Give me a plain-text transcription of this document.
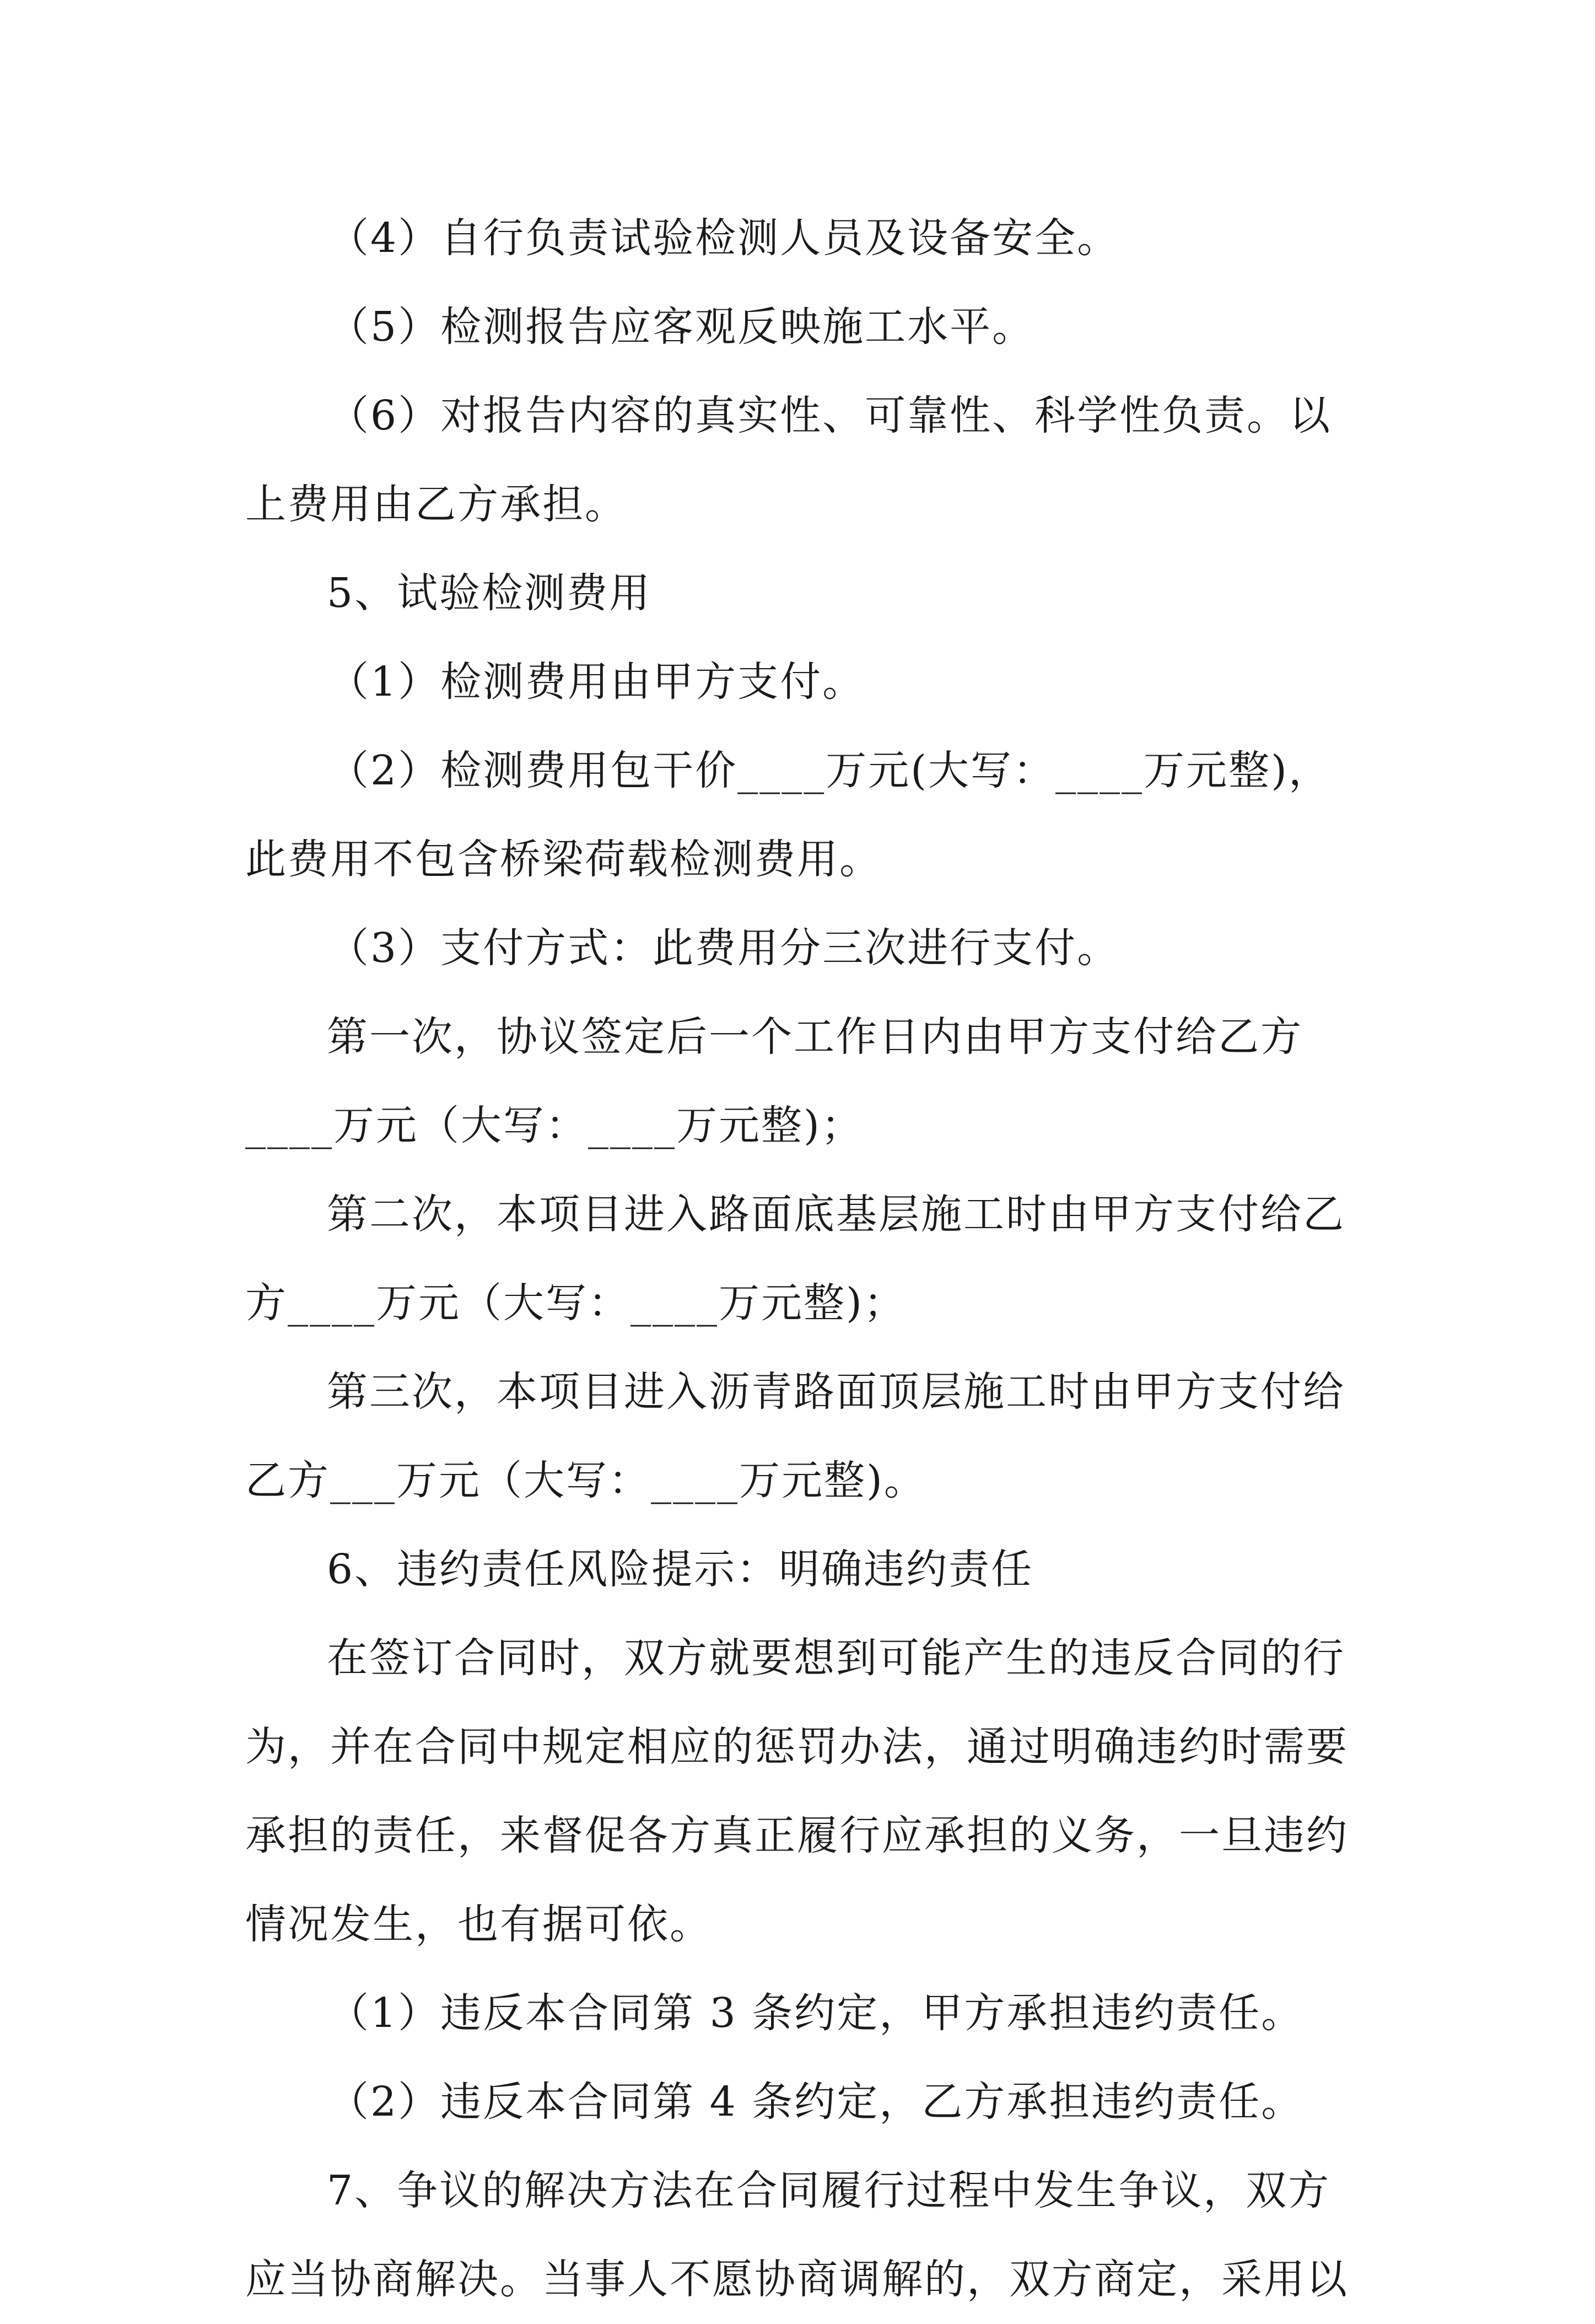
（4）自行负责试验检测人员及设备安全。

（5）检测报告应客观反映施工水平。

（6）对报告内容的真实性、可靠性、科学性负责。以

上费用由乙方承担。

5、试验检测费用

（1）检测费用由甲方支付。

（2）检测费用包干价____万元(大写：____万元整)，

此费用不包含桥梁荷载检测费用。

（3）支付方式：此费用分三次进行支付。

第一次，协议签定后一个工作日内由甲方支付给乙方

____万元（大写：____万元整)；

第二次，本项目进入路面底基层施工时由甲方支付给乙

方____万元（大写：____万元整)；

第三次，本项目进入沥青路面顶层施工时由甲方支付给

乙方___万元（大写：____万元整)。

6、违约责任风险提示：明确违约责任

在签订合同时，双方就要想到可能产生的违反合同的行

为，并在合同中规定相应的惩罚办法，通过明确违约时需要

承担的责任，来督促各方真正履行应承担的义务，一旦违约

情况发生，也有据可依。

（1）违反本合同第 3 条约定，甲方承担违约责任。

（2）违反本合同第 4 条约定，乙方承担违约责任。

7、争议的解决方法在合同履行过程中发生争议，双方

应当协商解决。当事人不愿协商调解的，双方商定，采用以
